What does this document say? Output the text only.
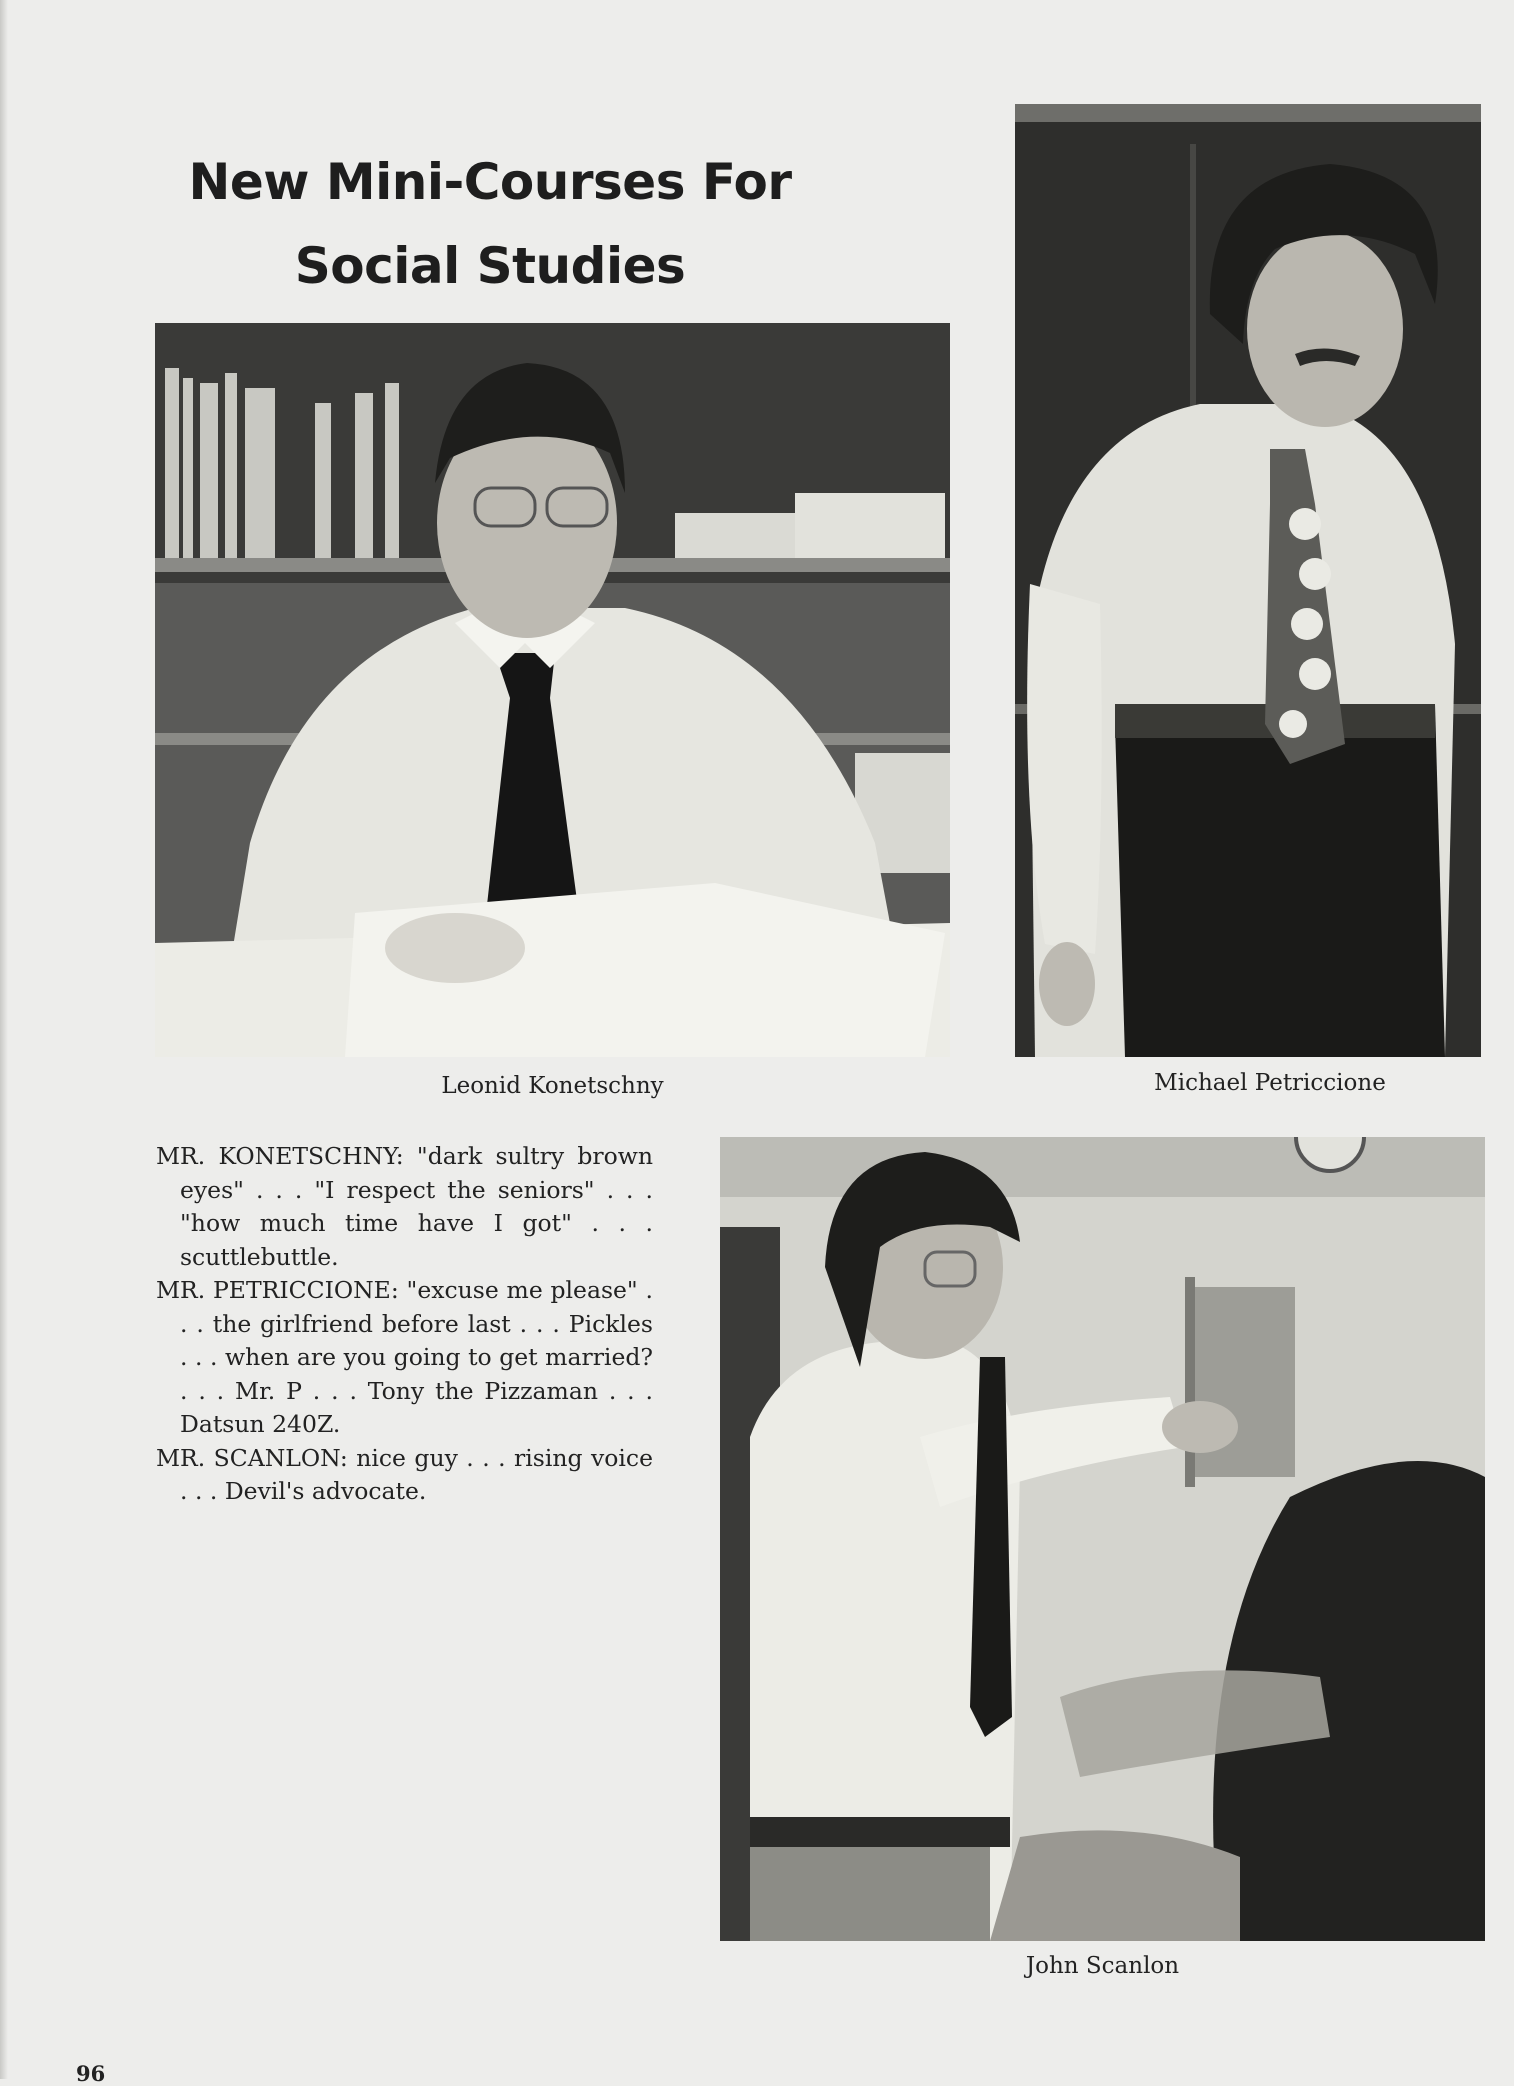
New Mini-Courses For
Social Studies

Leonid Konetschny	Michael Petriccione

MR. KONETSCHNY: "dark sultry brown eyes" . . . "I respect the seniors" . . . "how much time have I got" . . . scuttlebuttle.

MR. PETRICCIONE: "excuse me please" . . . the girlfriend before last . . . Pickles . . . when are you going to get married? . . . Mr. P . . . Tony the Pizzaman . . . Datsun 240Z.

MR. SCANLON: nice guy . . . rising voice . . . Devil's advocate.

John Scanlon

96
